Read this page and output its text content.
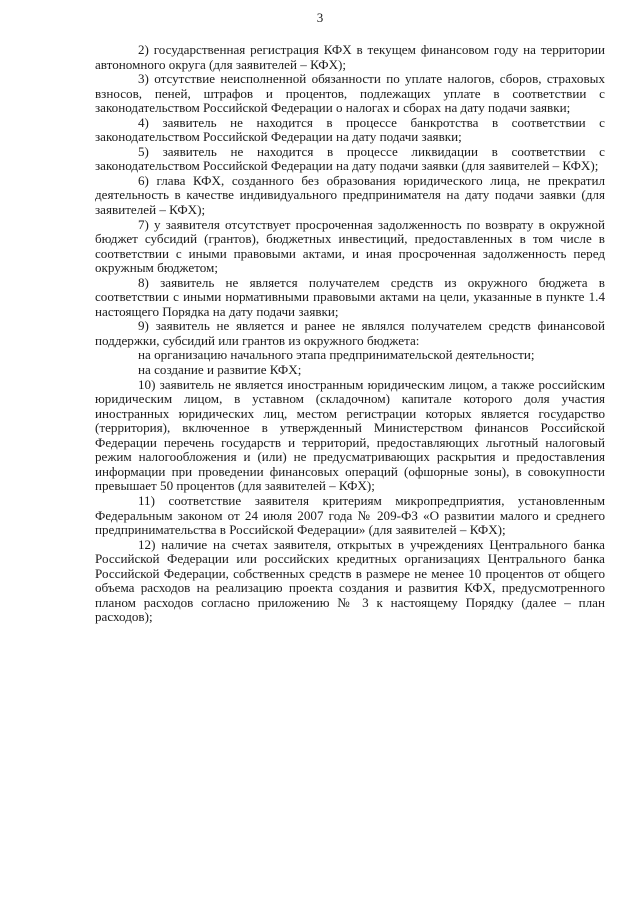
3

2) государственная регистрация КФХ в текущем финансовом году на территории автономного округа (для заявителей – КФХ);

3) отсутствие неисполненной обязанности по уплате налогов, сборов, страховых взносов, пеней, штрафов и процентов, подлежащих уплате в соответствии с законодательством Российской Федерации о налогах и сборах на дату подачи заявки;

4) заявитель не находится в процессе банкротства в соответствии с законодательством Российской Федерации на дату подачи заявки;

5) заявитель не находится в процессе ликвидации в соответствии с законодательством Российской Федерации на дату подачи заявки (для заявителей – КФХ);

6) глава КФХ, созданного без образования юридического лица, не прекратил деятельность в качестве индивидуального предпринимателя на дату подачи заявки (для заявителей – КФХ);

7) у заявителя отсутствует просроченная задолженность по возврату в окружной бюджет субсидий (грантов), бюджетных инвестиций, предоставленных в том числе в соответствии с иными правовыми актами, и иная просроченная задолженность перед окружным бюджетом;

8) заявитель не является получателем средств из окружного бюджета в соответствии с иными нормативными правовыми актами на цели, указанные в пункте 1.4 настоящего Порядка на дату подачи заявки;

9) заявитель не является и ранее не являлся получателем средств финансовой поддержки, субсидий или грантов из окружного бюджета:

на организацию начального этапа предпринимательской деятельности;

на создание и развитие КФХ;

10) заявитель не является иностранным юридическим лицом, а также российским юридическим лицом, в уставном (складочном) капитале которого доля участия иностранных юридических лиц, местом регистрации которых является государство (территория), включенное в утвержденный Министерством финансов Российской Федерации перечень государств и территорий, предоставляющих льготный налоговый режим налогообложения и (или) не предусматривающих раскрытия и предоставления информации при проведении финансовых операций (офшорные зоны), в совокупности превышает 50 процентов (для заявителей – КФХ);

11) соответствие заявителя критериям микропредприятия, установленным Федеральным законом от 24 июля 2007 года № 209-ФЗ «О развитии малого и среднего предпринимательства в Российской Федерации» (для заявителей – КФХ);

12) наличие на счетах заявителя, открытых в учреждениях Центрального банка Российской Федерации или российских кредитных организациях Центрального банка Российской Федерации, собственных средств в размере не менее 10 процентов от общего объема расходов на реализацию проекта создания и развития КФХ, предусмотренного планом расходов согласно приложению № 3 к настоящему Порядку (далее – план расходов);
